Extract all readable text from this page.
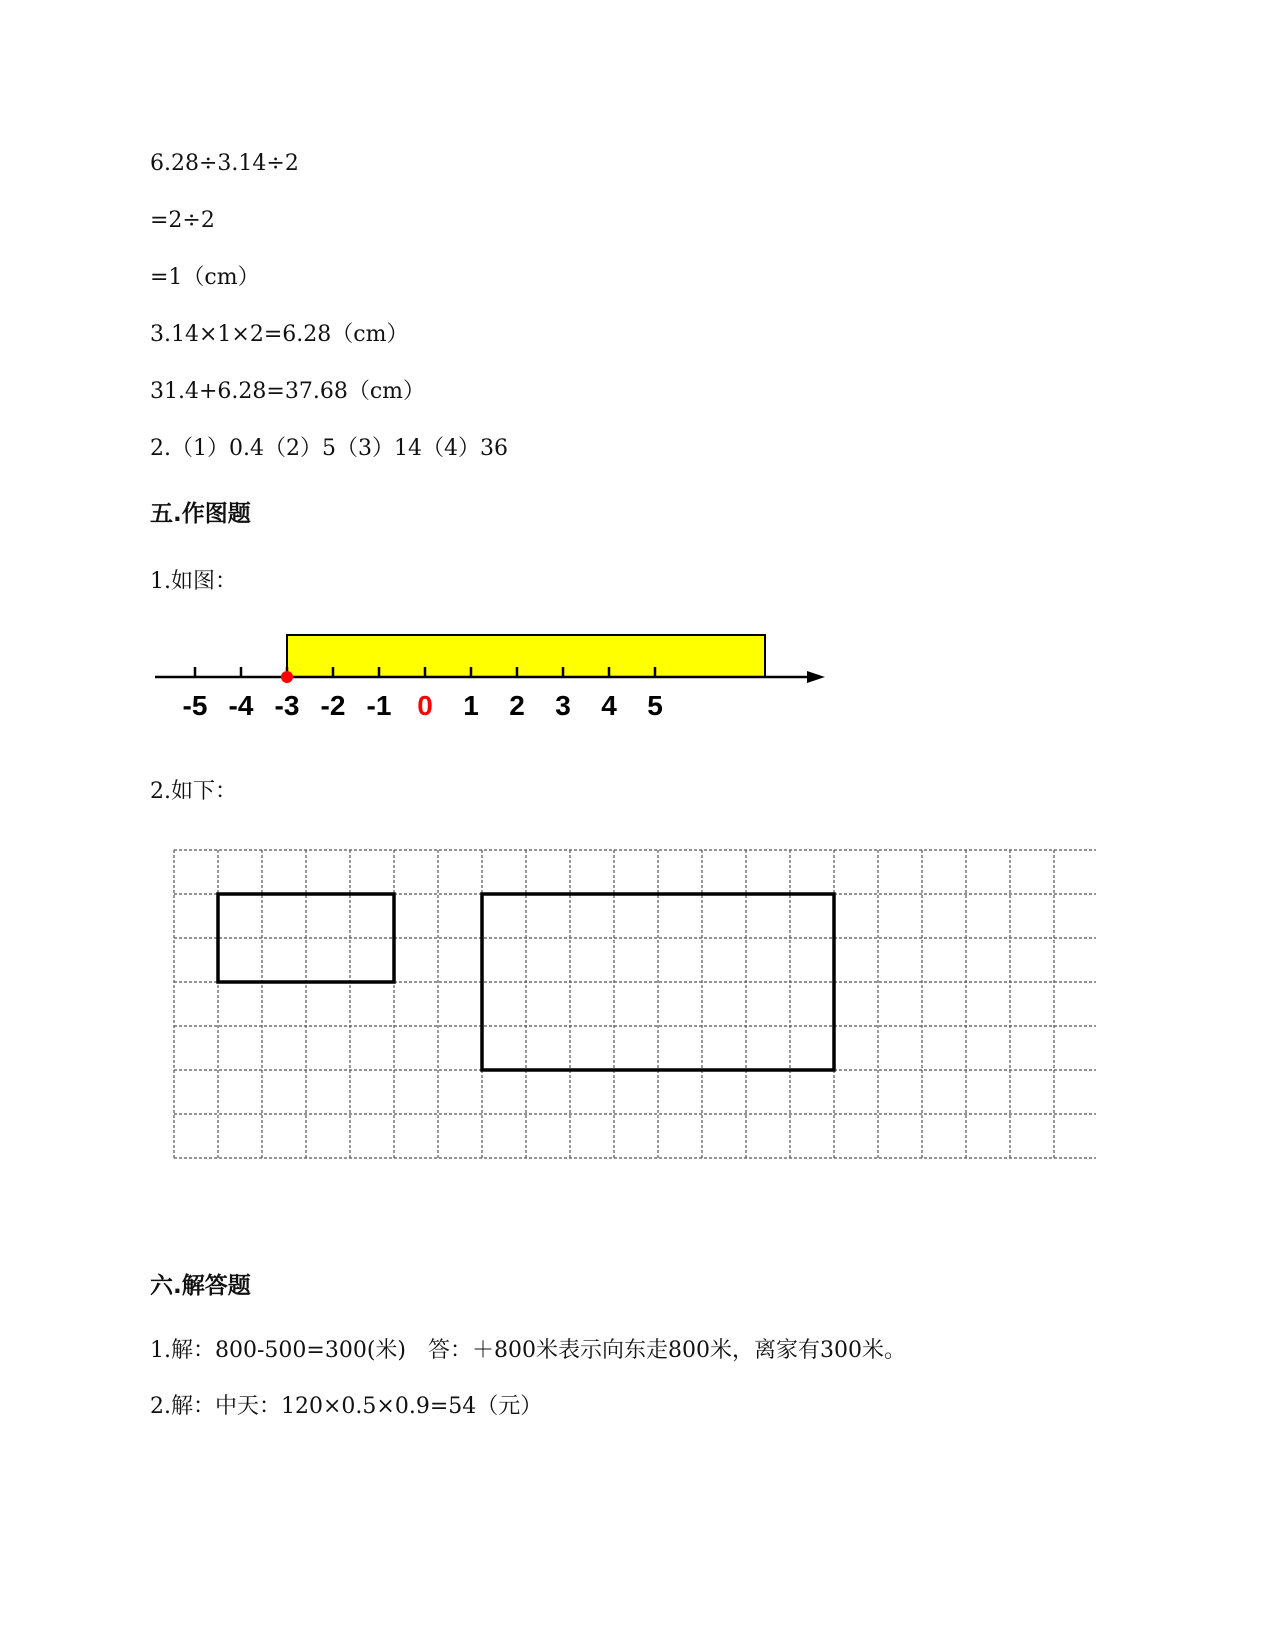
6.28÷3.14÷2
=2÷2
=1（cm）
3.14×1×2=6.28（cm）
31.4+6.28=37.68（cm）
2.（1）0.4（2）5（3）14（4）36
五.作图题
1.如图：
-5 -4 -3 -2 -1 0 1 2 3 4 5
2.如下：
六.解答题
1.解：800-500=300(米)　答：＋800米表示向东走800米，离家有300米。
2.解：中天：120×0.5×0.9=54（元）
